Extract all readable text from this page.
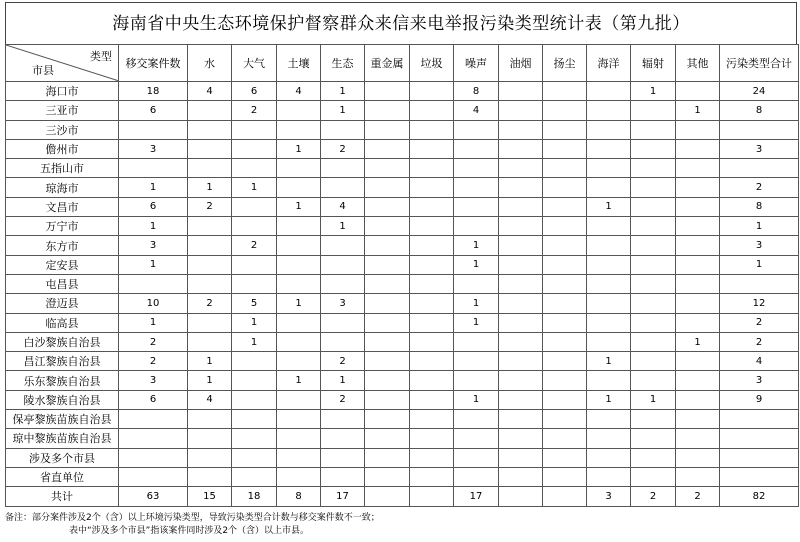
海南省中央生态环境保护督察群众来信来电举报污染类型统计表（第九批）
类型
市县	移交案件数	水	大气	土壤	生态	重金属	垃圾	噪声	油烟	扬尘	海洋	辐射	其他	污染类型合计
海口市	18	4	6	4	1			8				1		24
三亚市	6		2		1			4					1	8
三沙市														
儋州市	3			1	2									3
五指山市														
琼海市	1	1	1											2
文昌市	6	2		1	4						1			8
万宁市	1				1									1
东方市	3		2					1						3
定安县	1							1						1
屯昌县														
澄迈县	10	2	5	1	3			1						12
临高县	1		1					1						2
白沙黎族自治县	2		1										1	2
昌江黎族自治县	2	1			2						1			4
乐东黎族自治县	3	1		1	1									3
陵水黎族自治县	6	4			2			1			1	1		9
保亭黎族苗族自治县														
琼中黎族苗族自治县														
涉及多个市县														
省直单位														
共计	63	15	18	8	17			17			3	2	2	82
备注：部分案件涉及2个（含）以上环境污染类型，导致污染类型合计数与移交案件数不一致；
表中“涉及多个市县”指该案件同时涉及2个（含）以上市县。
